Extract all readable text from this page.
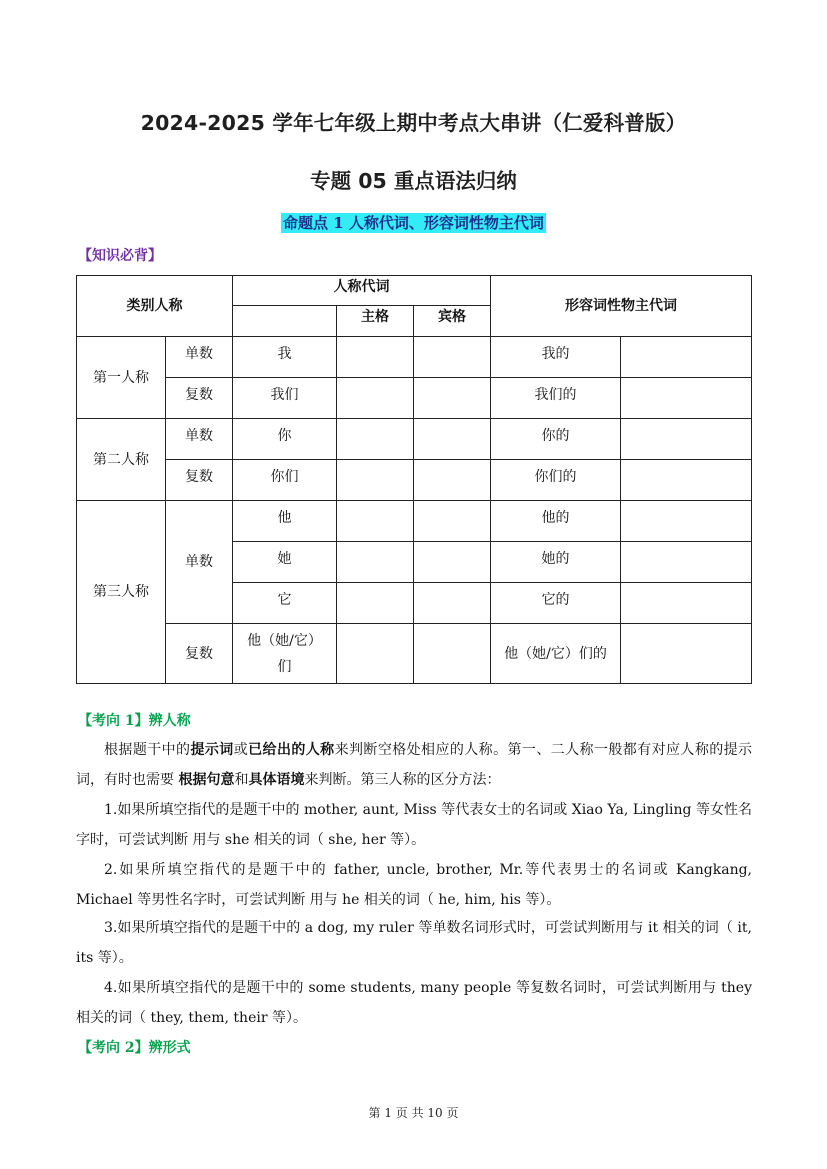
2024-2025 学年七年级上期中考点大串讲（仁爱科普版）
专题 05 重点语法归纳
命题点 1 人称代词、形容词性物主代词
【知识必背】
类别人称		人称代词			形容词性物主代词	
			主格	宾格		
第一人称	单数	我			我的	
	复数	我们			我们的	
第二人称	单数	你			你的	
	复数	你们			你们的	
第三人称	单数	他			他的	
		她			她的	
		它			它的	
	复数	他（她/它）
们			他（她/它）们的	
【考向 1】辨人称
根据题干中的提示词或已给出的人称来判断空格处相应的人称。第一、二人称一般都有对应人称的提示词，有时也需要 根据句意和具体语境来判断。第三人称的区分方法：
1.如果所填空指代的是题干中的 mother, aunt, Miss 等代表女士的名词或 Xiao Ya, Lingling 等女性名字时，可尝试判断 用与 she 相关的词（ she, her 等）。
2.如果所填空指代的是题干中的 father, uncle, brother, Mr.等代表男士的名词或 Kangkang, Michael 等男性名字时，可尝试判断 用与 he 相关的词（ he, him, his 等）。
3.如果所填空指代的是题干中的 a dog, my ruler 等单数名词形式时，可尝试判断用与 it 相关的词（ it, its 等）。
4.如果所填空指代的是题干中的 some students, many people 等复数名词时，可尝试判断用与 they 相关的词（ they, them, their 等）。
【考向 2】辨形式
第 1 页 共 10 页
